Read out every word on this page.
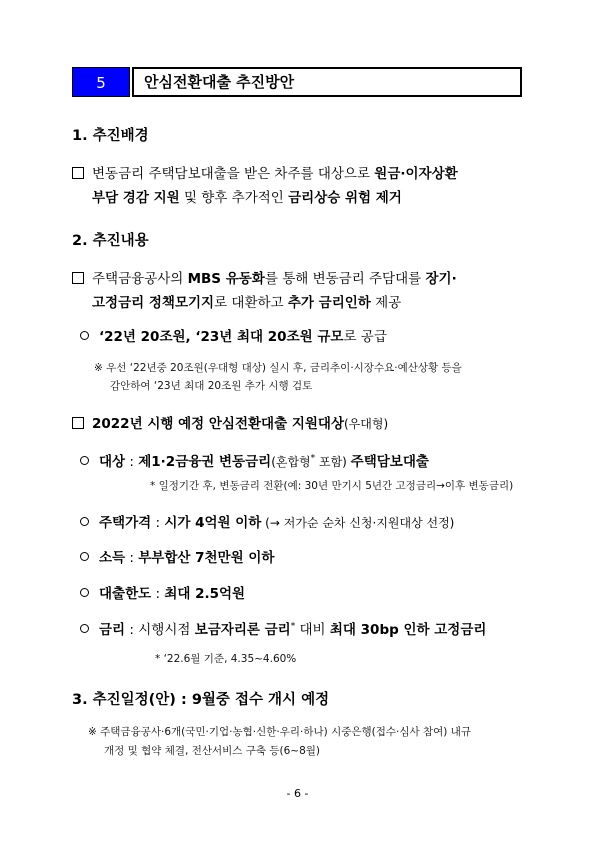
5	안심전환대출 추진방안
1. 추진배경
변동금리 주택담보대출을 받은 차주를 대상으로 원금·이자상환
부담 경감 지원 및 향후 추가적인 금리상승 위험 제거
2. 추진내용
주택금융공사의 MBS 유동화를 통해 변동금리 주담대를 장기·
고정금리 정책모기지로 대환하고 추가 금리인하 제공
‘22년 20조원, ‘23년 최대 20조원 규모로 공급
※ 우선 ‘22년중 20조원(우대형 대상) 실시 후, 금리추이·시장수요·예산상황 등을
감안하여 ‘23년 최대 20조원 추가 시행 검토
2022년 시행 예정 안심전환대출 지원대상(우대형)
대상 : 제1·2금융권 변동금리(혼합형* 포함) 주택담보대출
* 일정기간 후, 변동금리 전환(예: 30년 만기시 5년간 고정금리→이후 변동금리)
주택가격 : 시가 4억원 이하 (→ 저가순 순차 신청·지원대상 선정)
소득 : 부부합산 7천만원 이하
대출한도 : 최대 2.5억원
금리 : 시행시점 보금자리론 금리* 대비 최대 30bp 인하 고정금리
* ‘22.6월 기준, 4.35~4.60%
3. 추진일정(안) : 9월중 접수 개시 예정
※ 주택금융공사·6개(국민·기업·농협·신한·우리·하나) 시중은행(접수·심사 참여) 내규
개정 및 협약 체결, 전산서비스 구축 등(6~8월)
- 6 -
